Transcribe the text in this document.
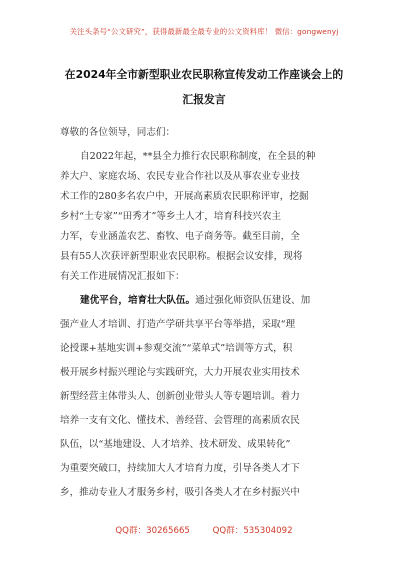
关注头条号“公文研究”，获得最新最全最专业的公文资料库！ 微信：gongwenyj
在2024年全市新型职业农民职称宣传发动工作座谈会上的
汇报发言
尊敬的各位领导，同志们：
自2022年起，**县全力推行农民职称制度，在全县的种
养大户、家庭农场、农民专业合作社以及从事农业专业技
术工作的280多名农户中，开展高素质农民职称评审，挖掘
乡村“土专家”“田秀才”等乡土人才，培育科技兴农主
力军，专业涵盖农艺、畜牧、电子商务等。截至目前，全
县有55人次获评新型职业农民职称。根据会议安排，现将
有关工作进展情况汇报如下：
建优平台，培育壮大队伍。通过强化师资队伍建设、加
强产业人才培训、打造产学研共享平台等举措，采取“理
论授课+基地实训+参观交流”“菜单式”培训等方式，积
极开展乡村振兴理论与实践研究，大力开展农业实用技术
新型经营主体带头人、创新创业带头人等专题培训。着力
培养一支有文化、懂技术、善经营、会管理的高素质农民
队伍，以“基地建设、人才培养、技术研发、成果转化”
为重要突破口，持续加大人才培育力度，引导各类人才下
乡，推动专业人才服务乡村，吸引各类人才在乡村振兴中
QQ群：30265665	QQ群：535304092
